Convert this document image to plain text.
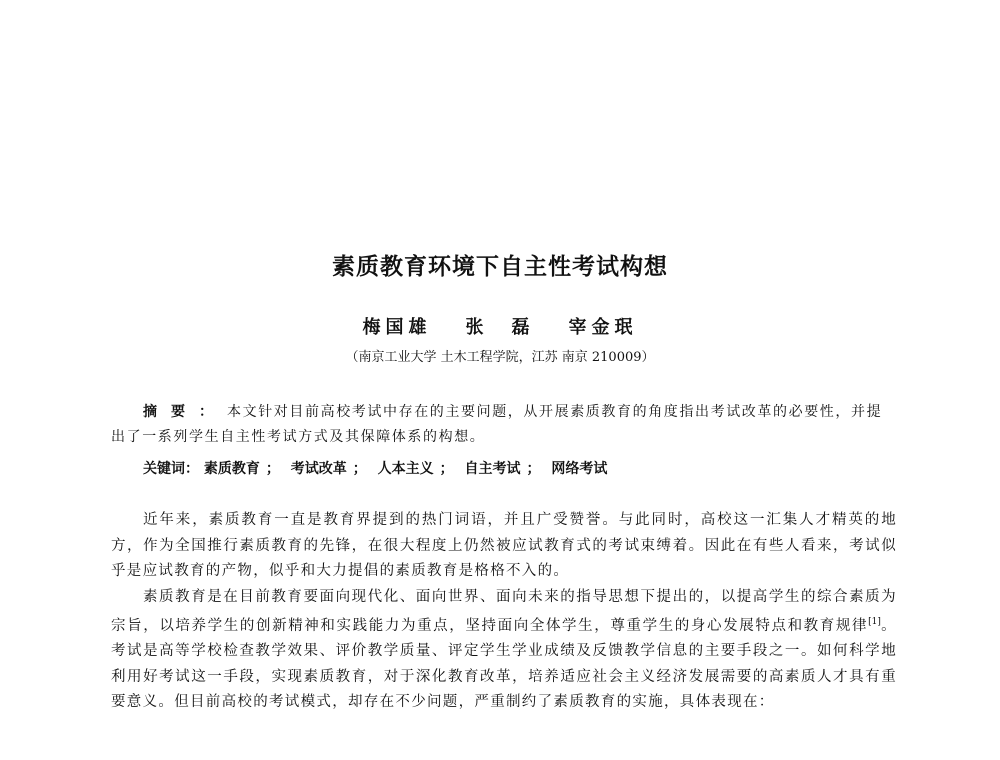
素质教育环境下自主性考试构想
梅国雄 张　磊 宰金珉
（南京工业大学 土木工程学院，江苏 南京 210009）
摘要：本文针对目前高校考试中存在的主要问题，从开展素质教育的角度指出考试改革的必要性，并提出了一系列学生自主性考试方式及其保障体系的构想。
关键词： 素质教育 ； 考试改革 ； 人本主义 ； 自主考试 ； 网络考试

近年来，素质教育一直是教育界提到的热门词语，并且广受赞誉。与此同时，高校这一汇集人才精英的地方，作为全国推行素质教育的先锋，在很大程度上仍然被应试教育式的考试束缚着。因此在有些人看来，考试似乎是应试教育的产物，似乎和大力提倡的素质教育是格格不入的。

素质教育是在目前教育要面向现代化、面向世界、面向未来的指导思想下提出的，以提高学生的综合素质为宗旨，以培养学生的创新精神和实践能力为重点，坚持面向全体学生，尊重学生的身心发展特点和教育规律[1]。考试是高等学校检查教学效果、评价教学质量、评定学生学业成绩及反馈教学信息的主要手段之一。如何科学地利用好考试这一手段，实现素质教育，对于深化教育改革，培养适应社会主义经济发展需要的高素质人才具有重要意义。但目前高校的考试模式，却存在不少问题，严重制约了素质教育的实施，具体表现在：
